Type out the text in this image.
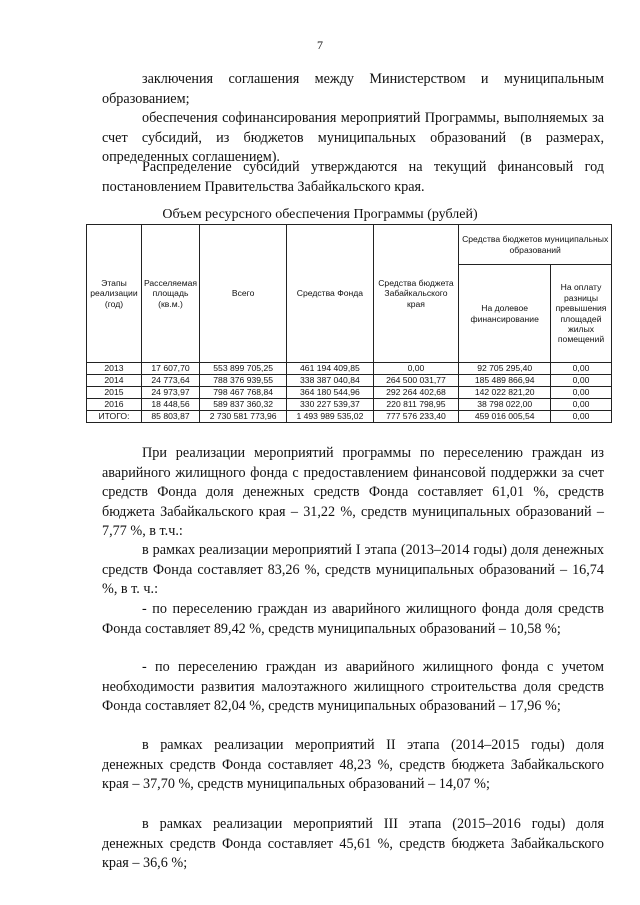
7

заключения соглашения между Министерством и муниципальным образованием;

обеспечения софинансирования мероприятий Программы, выполняемых за счет субсидий, из бюджетов муниципальных образований (в размерах, определенных соглашением).

Распределение субсидий утверждаются на текущий финансовый год постановлением Правительства Забайкальского края.

Объем ресурсного обеспечения Программы (рублей)
Этапы реализации (год)	Расселяемая площадь (кв.м.)	Всего	Средства Фонда	Средства бюджета Забайкальского края	Средства бюджетов муниципальных образований	
					На долевое финансирование	На оплату разницы превышения площадей жилых помещений
2013	17 607,70	553 899 705,25	461 194 409,85	0,00	92 705 295,40	0,00
2014	24 773,64	788 376 939,55	338 387 040,84	264 500 031,77	185 489 866,94	0,00
2015	24 973,97	798 467 768,84	364 180 544,96	292 264 402,68	142 022 821,20	0,00
2016	18 448,56	589 837 360,32	330 227 539,37	220 811 798,95	38 798 022,00	0,00
ИТОГО:	85 803,87	2 730 581 773,96	1 493 989 535,02	777 576 233,40	459 016 005,54	0,00

При реализации мероприятий программы по переселению граждан из аварийного жилищного фонда с предоставлением финансовой поддержки за счет средств Фонда доля денежных средств Фонда составляет 61,01 %, средств бюджета Забайкальского края – 31,22 %, средств муниципальных образований – 7,77 %, в т.ч.:

в рамках реализации мероприятий I этапа (2013–2014 годы) доля денежных средств Фонда составляет 83,26 %, средств муниципальных образований – 16,74 %, в т. ч.:

- по переселению граждан из аварийного жилищного фонда доля средств Фонда составляет 89,42 %, средств муниципальных образований – 10,58 %;

- по переселению граждан из аварийного жилищного фонда с учетом необходимости развития малоэтажного жилищного строительства доля средств Фонда составляет 82,04 %, средств муниципальных образований – 17,96 %;

в рамках реализации мероприятий II этапа (2014–2015 годы) доля денежных средств Фонда составляет 48,23 %, средств бюджета Забайкальского края – 37,70 %, средств муниципальных образований – 14,07 %;

в рамках реализации мероприятий III этапа (2015–2016 годы) доля денежных средств Фонда составляет 45,61 %, средств бюджета Забайкальского края – 36,6 %;
